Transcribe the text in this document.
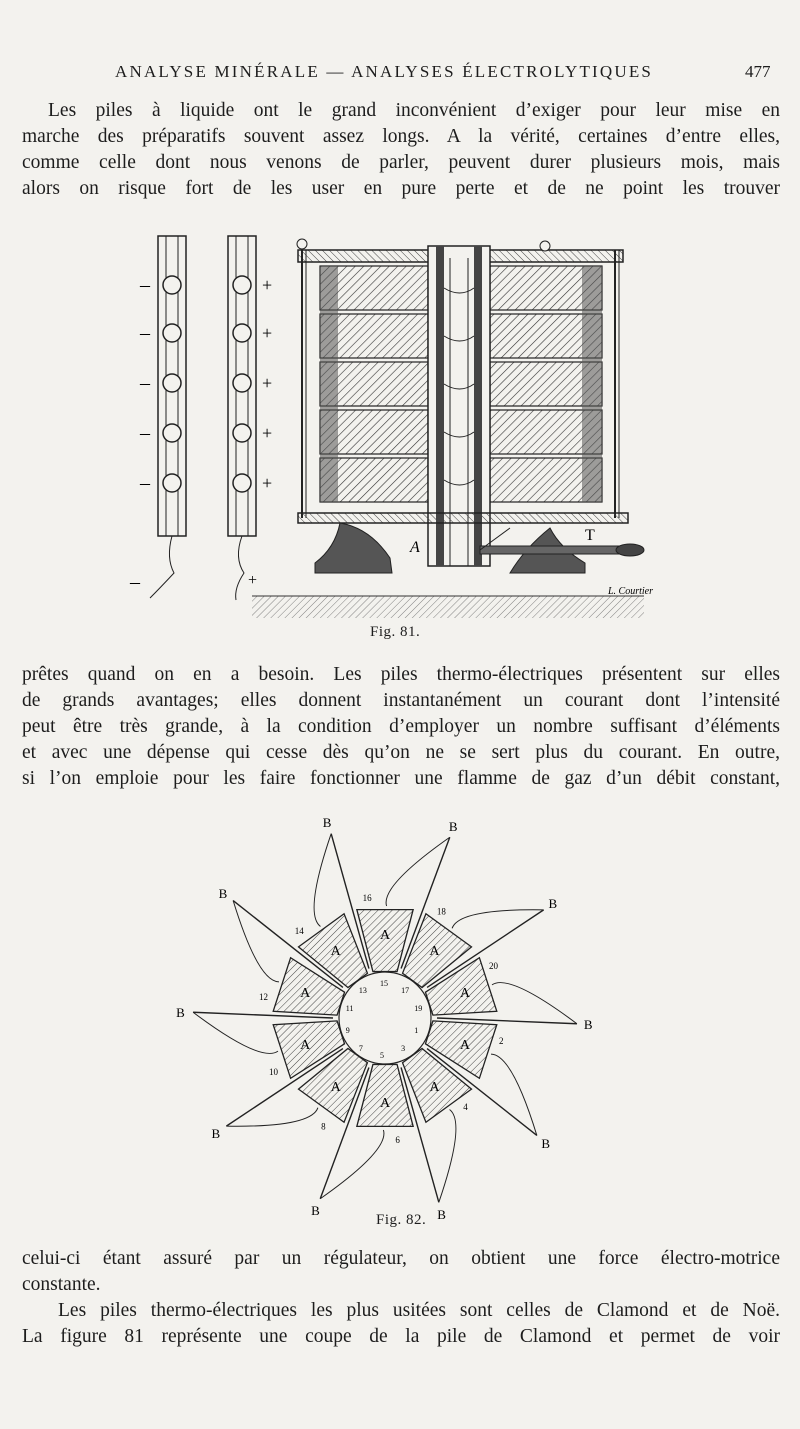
ANALYSE MINÉRALE — ANALYSES ÉLECTROLYTIQUES	477
Les piles à liquide ont le grand inconvénient d’exiger pour leur mise en
marche des préparatifs souvent assez longs. A la vérité, certaines d’entre elles,
comme celle dont nous venons de parler, peuvent durer plusieurs mois, mais
alors on risque fort de les user en pure perte et de ne point les trouver
–
–
–
–
–
–
+
+
+
+
+
+
A
T
L. Courtier
Fig. 81.
prêtes quand on en a besoin. Les piles thermo-électriques présentent sur elles
de grands avantages; elles donnent instantanément un courant dont l’intensité
peut être très grande, à la condition d’employer un nombre suffisant d’éléments
et avec une dépense qui cesse dès qu’on ne se sert plus du courant. En outre,
si l’on emploie pour les faire fonctionner une flamme de gaz d’un débit constant,
A
16
15
B
A
18
17
B
A
20
19
B
A	2
1	B
A
4
3
B
A
6
5
B
A
8
7
B
A
10
9
B
A
12
11
B
A
14
13
B
Fig. 82.
celui-ci étant assuré par un régulateur, on obtient une force électro-motrice
constante.
Les piles thermo-électriques les plus usitées sont celles de Clamond et de Noë.
La figure 81 représente une coupe de la pile de Clamond et permet de voir
